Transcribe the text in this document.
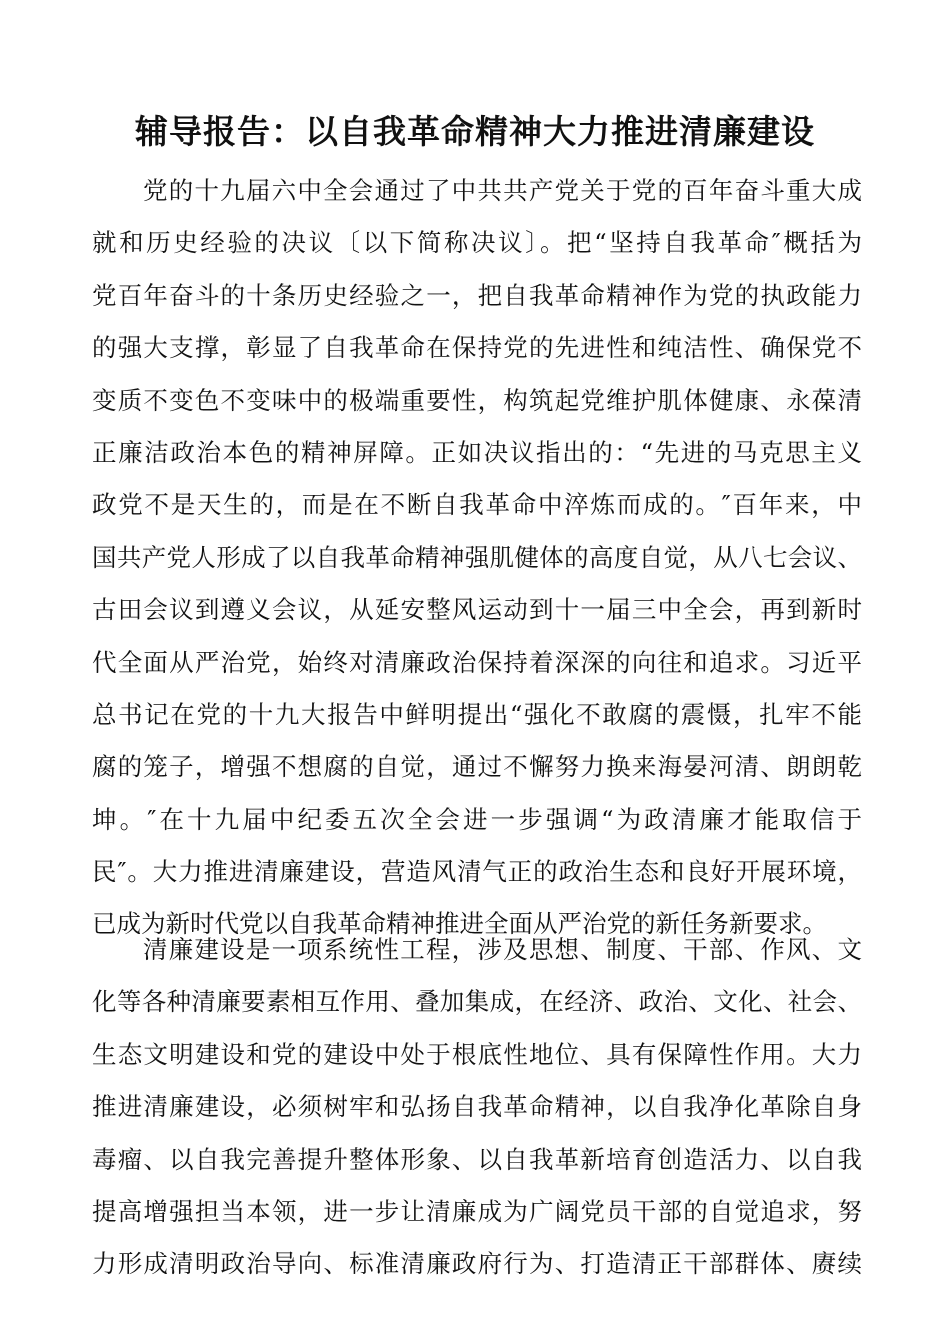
辅导报告：以自我革命精神大力推进清廉建设
党的十九届六中全会通过了中共共产党关于党的百年奋斗重大成
就和历史经验的决议〔以下简称决议〕。把“坚持自我革命″概括为
党百年奋斗的十条历史经验之一，把自我革命精神作为党的执政能力
的强大支撑，彰显了自我革命在保持党的先进性和纯洁性、确保党不
变质不变色不变味中的极端重要性，构筑起党维护肌体健康、永葆清
正廉洁政治本色的精神屏障。正如决议指出的：“先进的马克思主义
政党不是天生的，而是在不断自我革命中淬炼而成的。″百年来，中
国共产党人形成了以自我革命精神强肌健体的高度自觉，从八七会议、
古田会议到遵义会议，从延安整风运动到十一届三中全会，再到新时
代全面从严治党，始终对清廉政治保持着深深的向往和追求。习近平
总书记在党的十九大报告中鲜明提出“强化不敢腐的震慑，扎牢不能
腐的笼子，增强不想腐的自觉，通过不懈努力换来海晏河清、朗朗乾
坤。″在十九届中纪委五次全会进一步强调“为政清廉才能取信于
民″。大力推进清廉建设，营造风清气正的政治生态和良好开展环境，
已成为新时代党以自我革命精神推进全面从严治党的新任务新要求。
清廉建设是一项系统性工程，涉及思想、制度、干部、作风、文
化等各种清廉要素相互作用、叠加集成，在经济、政治、文化、社会、
生态文明建设和党的建设中处于根底性地位、具有保障性作用。大力
推进清廉建设，必须树牢和弘扬自我革命精神，以自我净化革除自身
毒瘤、以自我完善提升整体形象、以自我革新培育创造活力、以自我
提高增强担当本领，进一步让清廉成为广阔党员干部的自觉追求，努
力形成清明政治导向、标准清廉政府行为、打造清正干部群体、赓续
